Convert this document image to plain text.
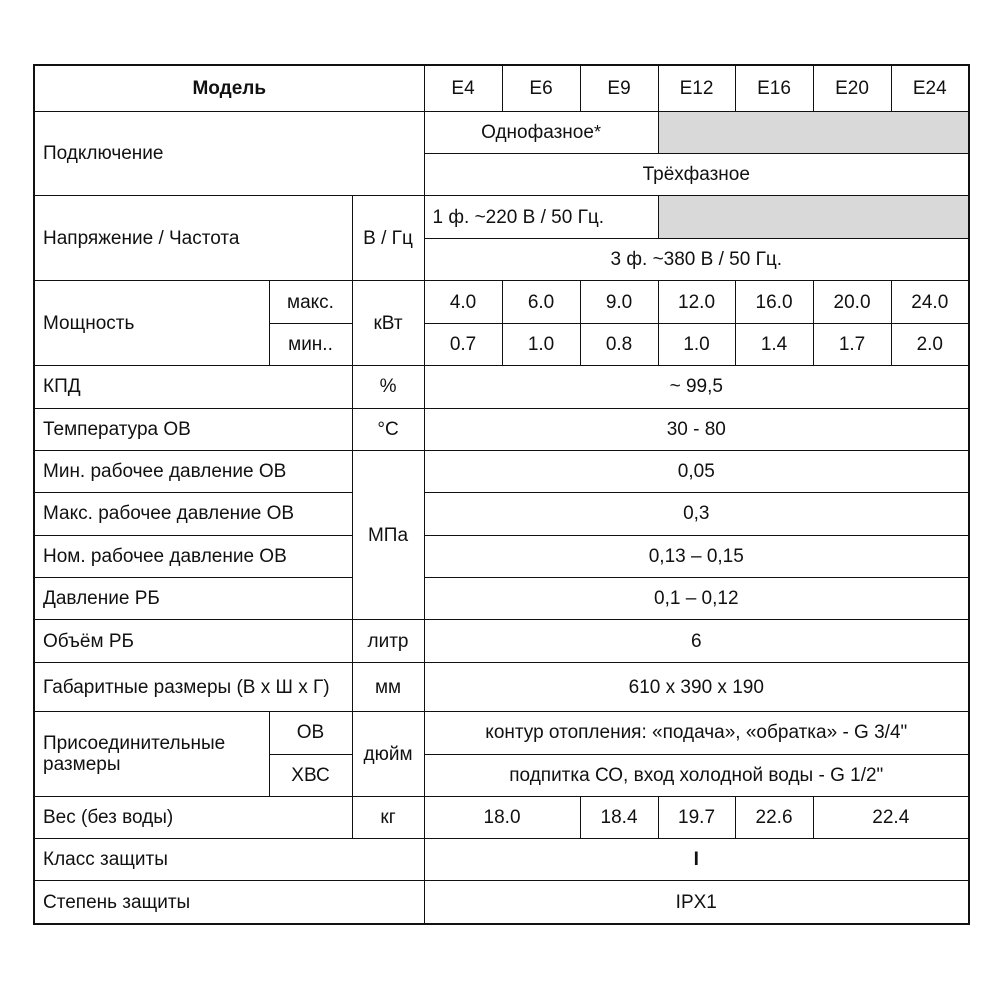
Модель			E4	E6	E9	E12	E16	E20	E24
Подключение			Однофазное*						
			Трёхфазное						
Напряжение / Частота		В / Гц	1 ф. ~220 В / 50 Гц.						
			3 ф. ~380 В / 50 Гц.						
Мощность	макс.	кВт	4.0	6.0	9.0	12.0	16.0	20.0	24.0
	мин..		0.7	1.0	0.8	1.0	1.4	1.7	2.0
КПД		%	~ 99,5						
Температура ОВ		°С	30 - 80						
Мин. рабочее давление ОВ		МПа	0,05						
Макс. рабочее давление ОВ			0,3						
Ном. рабочее давление ОВ			0,13 – 0,15						
Давление РБ			0,1 – 0,12						
Объём РБ		литр	6						
Габаритные размеры (В х Ш х Г)		мм	610 х 390 х 190						
Присоединительные размеры	ОВ	дюйм	контур отопления: «подача», «обратка» - G 3/4"						
	ХВС		подпитка СО, вход холодной воды - G 1/2"						
Вес (без воды)		кг	18.0		18.4	19.7	22.6	22.4	
Класс защиты			I						
Степень защиты			IPX1						
